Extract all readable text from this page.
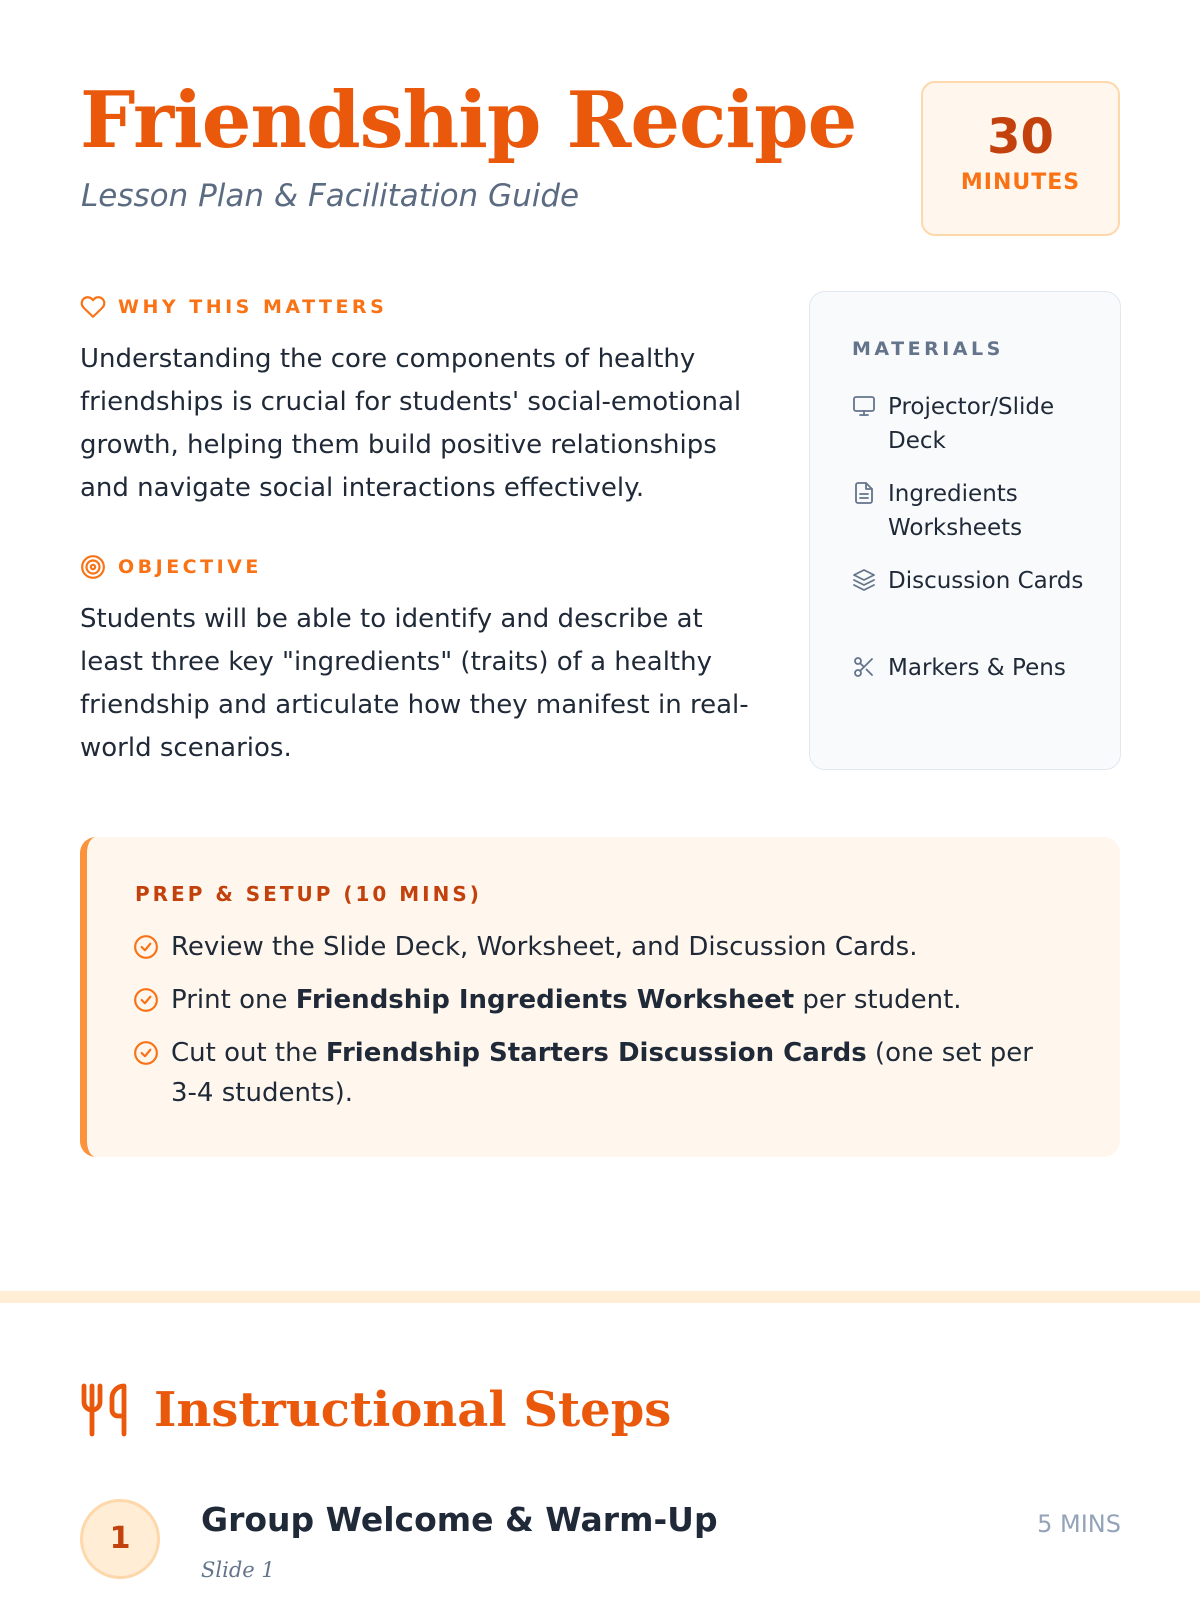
Friendship Recipe
Lesson Plan & Facilitation Guide
30
MINUTES
WHY THIS MATTERS

Understanding the core components of healthy friendships is crucial for students' social-emotional growth, helping them build positive relationships and navigate social interactions effectively.

OBJECTIVE

Students will be able to identify and describe at least three key "ingredients" (traits) of a healthy friendship and articulate how they manifest in real-world scenarios.

MATERIALS
Projector/Slide Deck
Ingredients Worksheets
Discussion Cards
Markers & Pens
PREP & SETUP (10 MINS)
Review the Slide Deck, Worksheet, and Discussion Cards.
Print one Friendship Ingredients Worksheet per student.
Cut out the Friendship Starters Discussion Cards (one set per 3-4 students).
Instructional Steps
1	Group Welcome & Warm-Up	5 MINS
Slide 1
